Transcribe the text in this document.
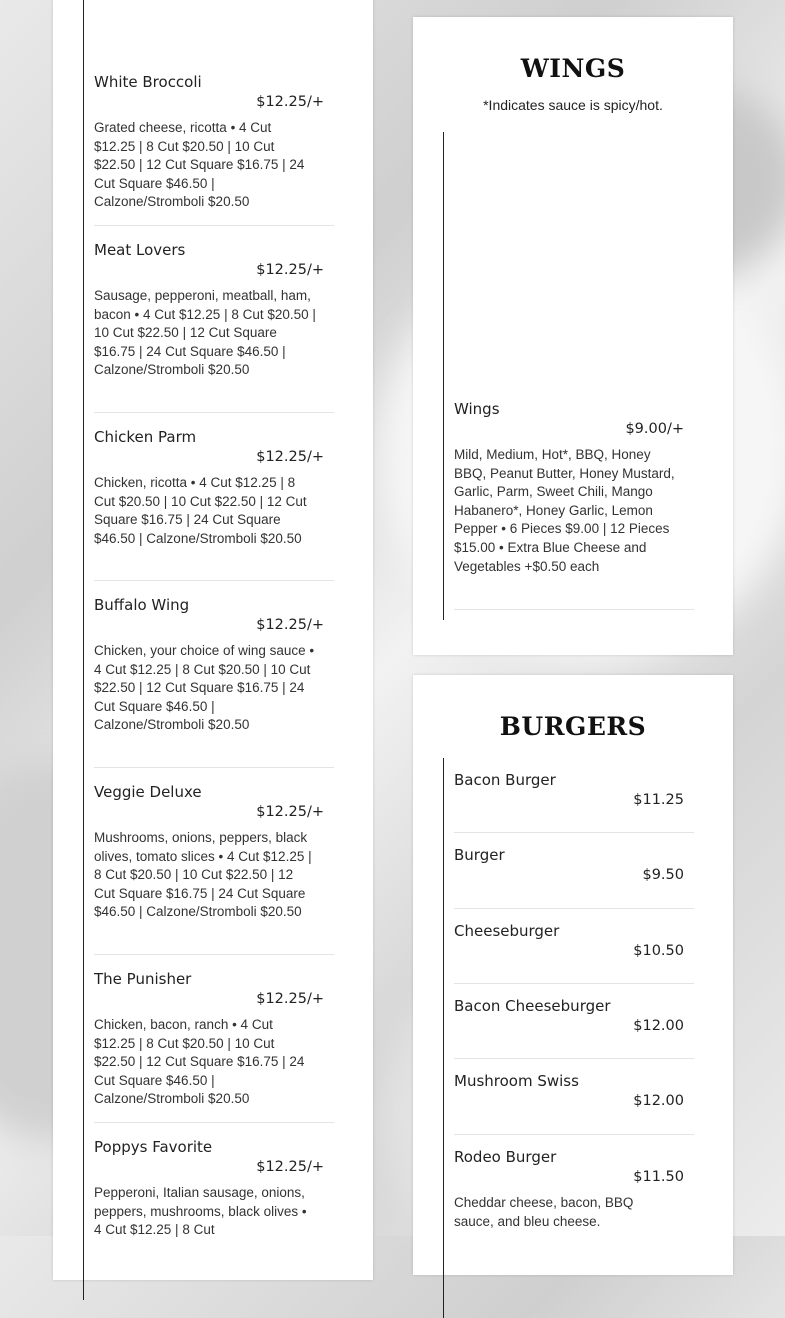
White Broccoli
$12.25/+
Grated cheese, ricotta • 4 Cut $12.25 | 8 Cut $20.50 | 10 Cut $22.50 | 12 Cut Square $16.75 | 24 Cut Square $46.50 | Calzone/Stromboli $20.50
Meat Lovers
$12.25/+
Sausage, pepperoni, meatball, ham, bacon • 4 Cut $12.25 | 8 Cut $20.50 | 10 Cut $22.50 | 12 Cut Square $16.75 | 24 Cut Square $46.50 | Calzone/Stromboli $20.50
Chicken Parm
$12.25/+
Chicken, ricotta • 4 Cut $12.25 | 8 Cut $20.50 | 10 Cut $22.50 | 12 Cut Square $16.75 | 24 Cut Square $46.50 | Calzone/Stromboli $20.50
Buffalo Wing
$12.25/+
Chicken, your choice of wing sauce • 4 Cut $12.25 | 8 Cut $20.50 | 10 Cut $22.50 | 12 Cut Square $16.75 | 24 Cut Square $46.50 | Calzone/Stromboli $20.50
Veggie Deluxe
$12.25/+
Mushrooms, onions, peppers, black olives, tomato slices • 4 Cut $12.25 | 8 Cut $20.50 | 10 Cut $22.50 | 12 Cut Square $16.75 | 24 Cut Square $46.50 | Calzone/Stromboli $20.50
The Punisher
$12.25/+
Chicken, bacon, ranch • 4 Cut $12.25 | 8 Cut $20.50 | 10 Cut $22.50 | 12 Cut Square $16.75 | 24 Cut Square $46.50 | Calzone/Stromboli $20.50
Poppys Favorite
$12.25/+
Pepperoni, Italian sausage, onions, peppers, mushrooms, black olives • 4 Cut $12.25 | 8 Cut
WINGS

*Indicates sauce is spicy/hot.

Wings
$9.00/+
Mild, Medium, Hot*, BBQ, Honey BBQ, Peanut Butter, Honey Mustard, Garlic, Parm, Sweet Chili, Mango Habanero*, Honey Garlic, Lemon Pepper • 6 Pieces $9.00 | 12 Pieces $15.00 • Extra Blue Cheese and Vegetables +$0.50 each
BURGERS
Bacon Burger
$11.25
Burger
$9.50
Cheeseburger
$10.50
Bacon Cheeseburger
$12.00
Mushroom Swiss
$12.00
Rodeo Burger
$11.50
Cheddar cheese, bacon, BBQ sauce, and bleu cheese.
